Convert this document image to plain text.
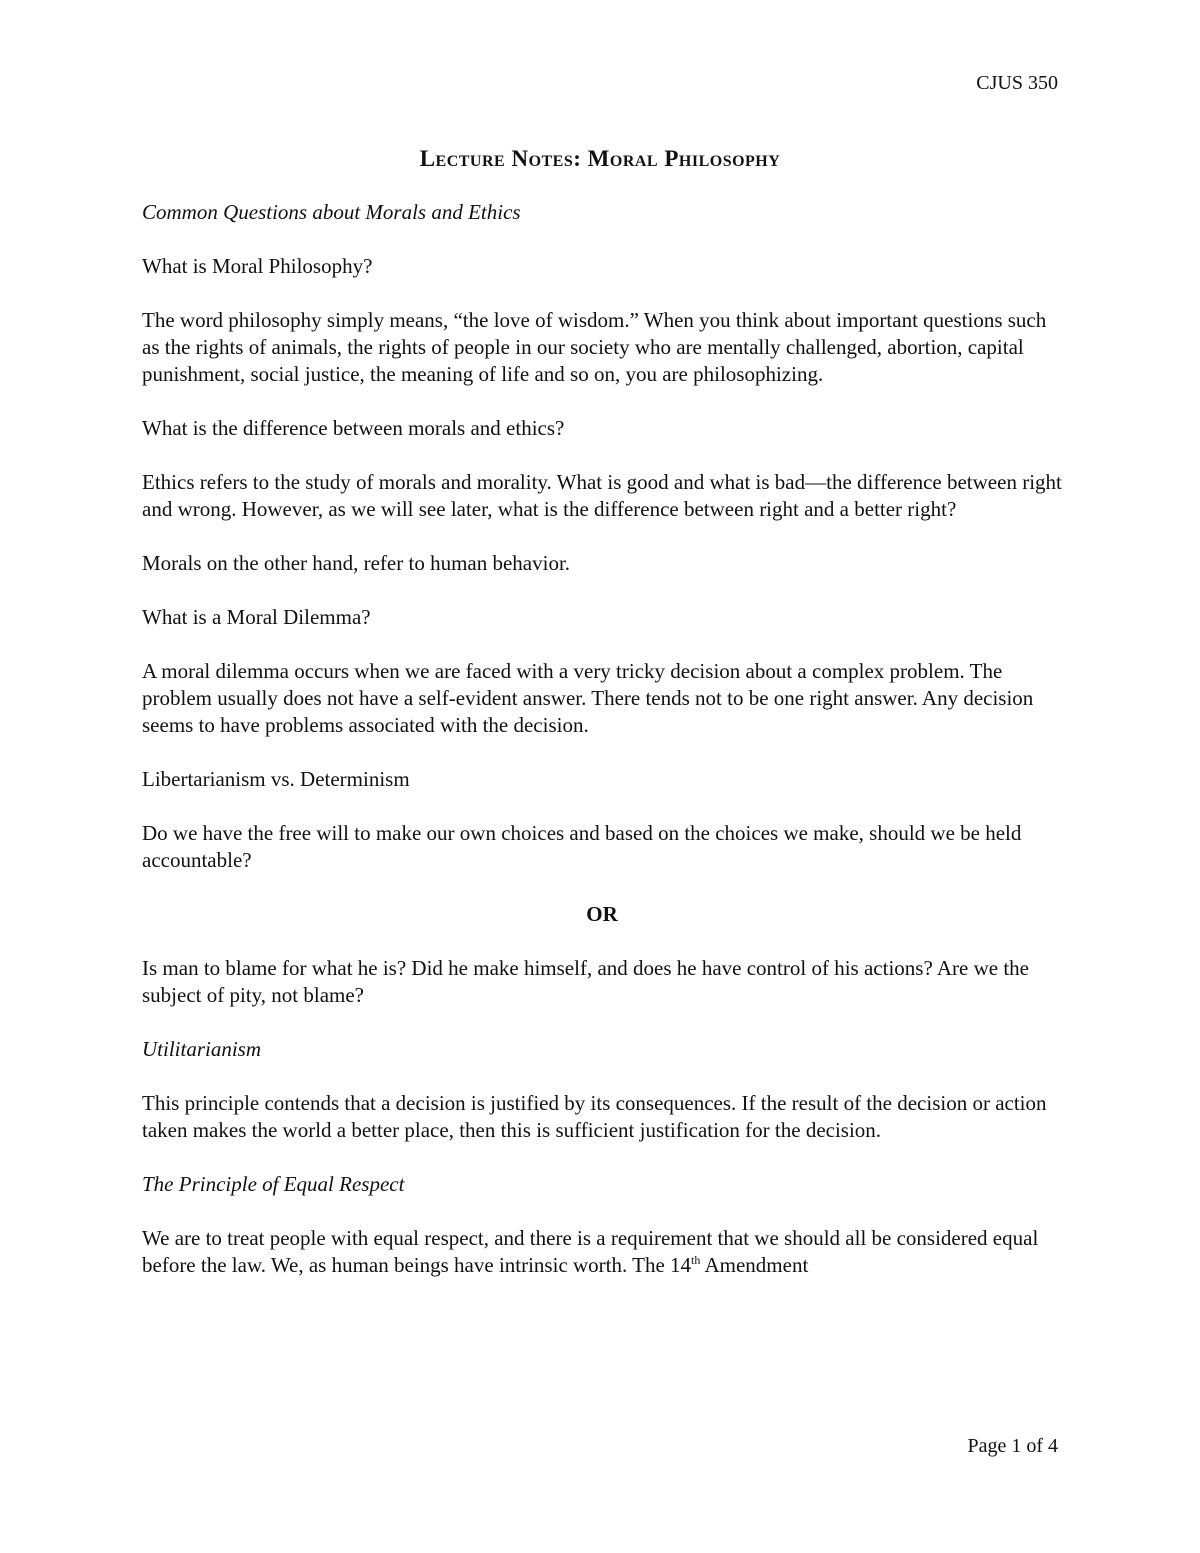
CJUS 350
Lecture Notes: Moral Philosophy

Common Questions about Morals and Ethics

What is Moral Philosophy?

The word philosophy simply means, “the love of wisdom.” When you think about important questions such as the rights of animals, the rights of people in our society who are mentally challenged, abortion, capital punishment, social justice, the meaning of life and so on, you are philosophizing.

What is the difference between morals and ethics?

Ethics refers to the study of morals and morality. What is good and what is bad—the difference between right and wrong. However, as we will see later, what is the difference between right and a better right?

Morals on the other hand, refer to human behavior.

What is a Moral Dilemma?

A moral dilemma occurs when we are faced with a very tricky decision about a complex problem. The problem usually does not have a self-evident answer. There tends not to be one right answer. Any decision seems to have problems associated with the decision.

Libertarianism vs. Determinism

Do we have the free will to make our own choices and based on the choices we make, should we be held accountable?

OR

Is man to blame for what he is? Did he make himself, and does he have control of his actions? Are we the subject of pity, not blame?

Utilitarianism

This principle contends that a decision is justified by its consequences. If the result of the decision or action taken makes the world a better place, then this is sufficient justification for the decision.

The Principle of Equal Respect

We are to treat people with equal respect, and there is a requirement that we should all be considered equal before the law. We, as human beings have intrinsic worth. The 14th Amendment

Page 1 of 4
